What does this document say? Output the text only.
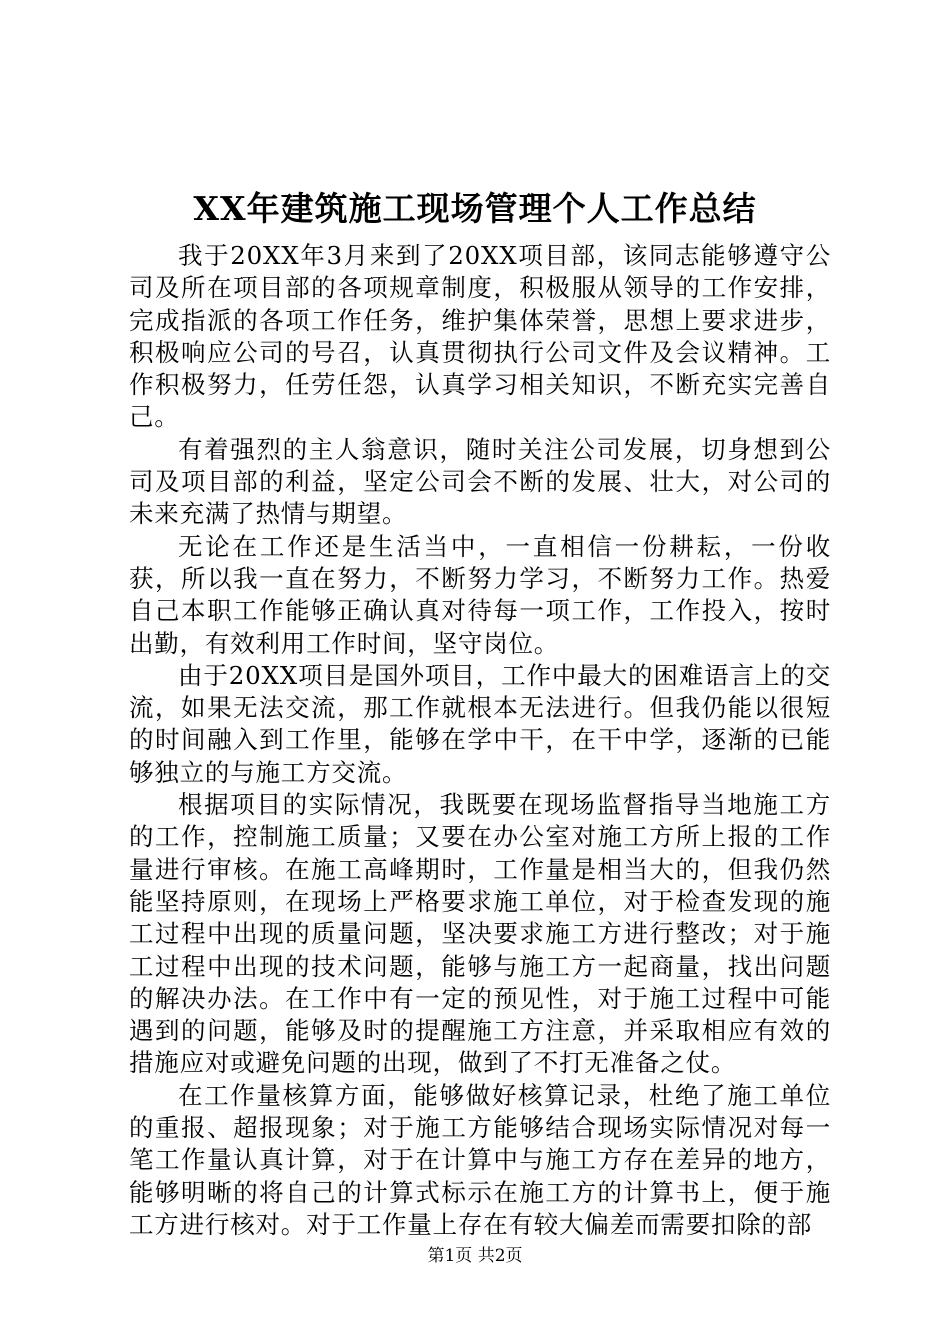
XX年建筑施工现场管理个人工作总结

我于20XX年3月来到了20XX项目部，该同志能够遵守公司及所在项目部的各项规章制度，积极服从领导的工作安排，完成指派的各项工作任务，维护集体荣誉，思想上要求进步，积极响应公司的号召，认真贯彻执行公司文件及会议精神。工作积极努力，任劳任怨，认真学习相关知识，不断充实完善自己。

有着强烈的主人翁意识，随时关注公司发展，切身想到公司及项目部的利益，坚定公司会不断的发展、壮大，对公司的未来充满了热情与期望。

无论在工作还是生活当中，一直相信一份耕耘，一份收获，所以我一直在努力，不断努力学习，不断努力工作。热爱自己本职工作能够正确认真对待每一项工作，工作投入，按时出勤，有效利用工作时间，坚守岗位。

由于20XX项目是国外项目，工作中最大的困难语言上的交流，如果无法交流，那工作就根本无法进行。但我仍能以很短的时间融入到工作里，能够在学中干，在干中学，逐渐的已能够独立的与施工方交流。

根据项目的实际情况，我既要在现场监督指导当地施工方的工作，控制施工质量；又要在办公室对施工方所上报的工作量进行审核。在施工高峰期时，工作量是相当大的，但我仍然能坚持原则，在现场上严格要求施工单位，对于检查发现的施工过程中出现的质量问题，坚决要求施工方进行整改；对于施工过程中出现的技术问题，能够与施工方一起商量，找出问题的解决办法。在工作中有一定的预见性，对于施工过程中可能遇到的问题，能够及时的提醒施工方注意，并采取相应有效的措施应对或避免问题的出现，做到了不打无准备之仗。

在工作量核算方面，能够做好核算记录，杜绝了施工单位的重报、超报现象；对于施工方能够结合现场实际情况对每一笔工作量认真计算，对于在计算中与施工方存在差异的地方，能够明晰的将自己的计算式标示在施工方的计算书上，便于施工方进行核对。对于工作量上存在有较大偏差而需要扣除的部

第1页 共2页
